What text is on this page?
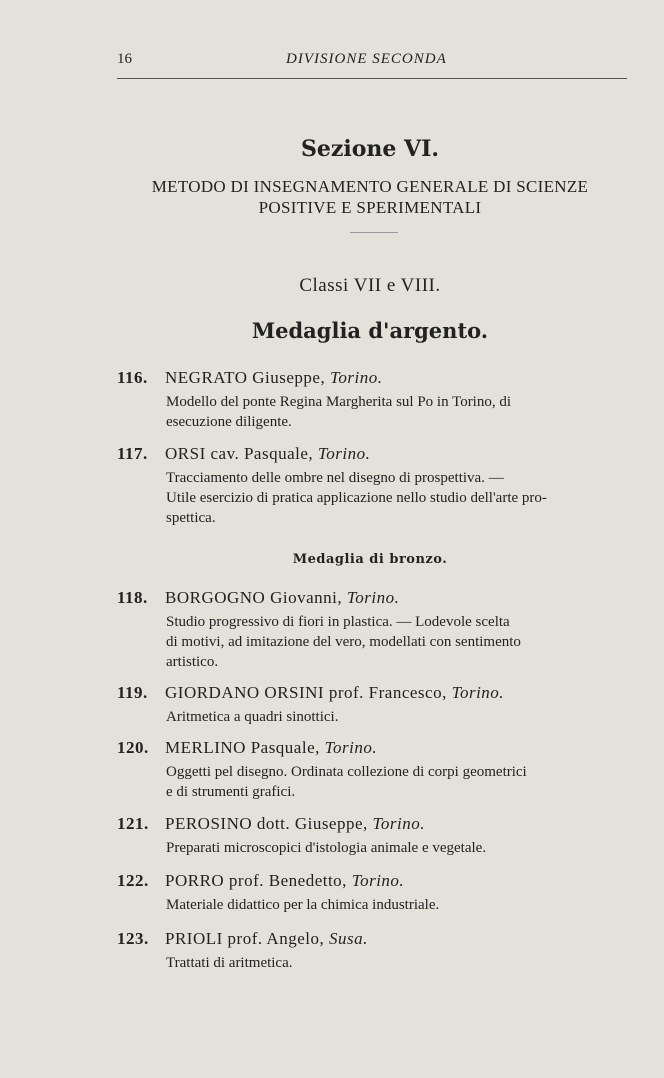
16	DIVISIONE SECONDA
Sezione VI.
METODO DI INSEGNAMENTO GENERALE DI SCIENZE
POSITIVE E SPERIMENTALI
Classi VII e VIII.
Medaglia d'argento.
116. NEGRATO Giuseppe, Torino.
Modello del ponte Regina Margherita sul Po in Torino, di
esecuzione diligente.
117. ORSI cav. Pasquale, Torino.
Tracciamento delle ombre nel disegno di prospettiva. —
Utile esercizio di pratica applicazione nello studio dell'arte pro-
spettica.
Medaglia di bronzo.
118. BORGOGNO Giovanni, Torino.
Studio progressivo di fiori in plastica. — Lodevole scelta
di motivi, ad imitazione del vero, modellati con sentimento
artistico.
119. GIORDANO ORSINI prof. Francesco, Torino.
Aritmetica a quadri sinottici.
120. MERLINO Pasquale, Torino.
Oggetti pel disegno. Ordinata collezione di corpi geometrici
e di strumenti grafici.
121. PEROSINO dott. Giuseppe, Torino.
Preparati microscopici d'istologia animale e vegetale.
122. PORRO prof. Benedetto, Torino.
Materiale didattico per la chimica industriale.
123. PRIOLI prof. Angelo, Susa.
Trattati di aritmetica.
